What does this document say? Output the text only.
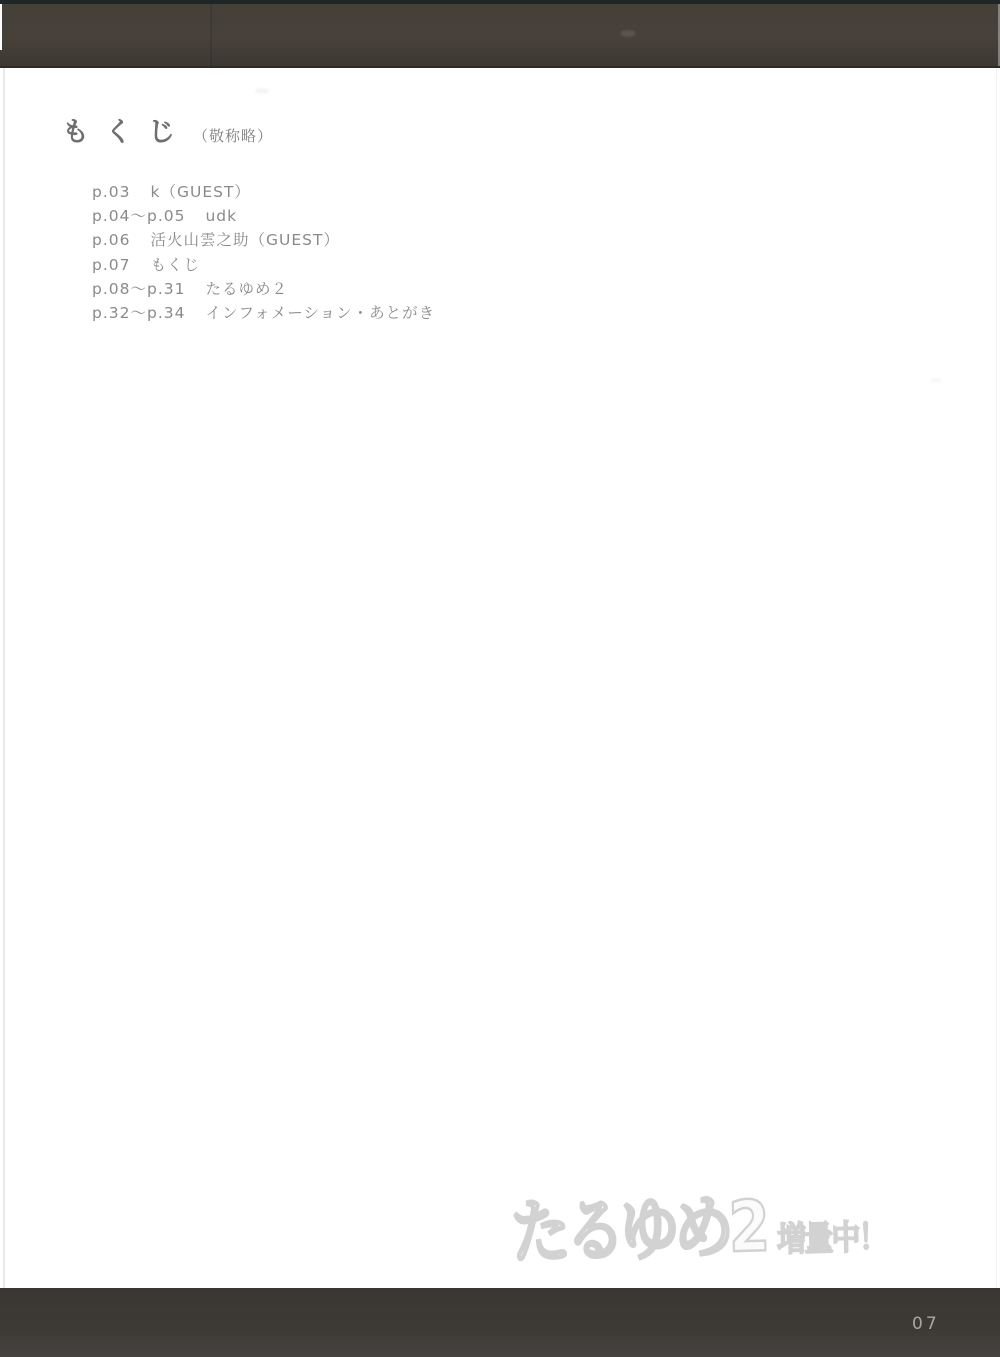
もくじ （敬称略）
p.03 k（GUEST）
p.04～p.05 udk
p.06 活火山雲之助（GUEST）
p.07 もくじ
p.08～p.31 たるゆめ２
p.32～p.34 インフォメーション・あとがき
たるゆめ2 増量中！
07
